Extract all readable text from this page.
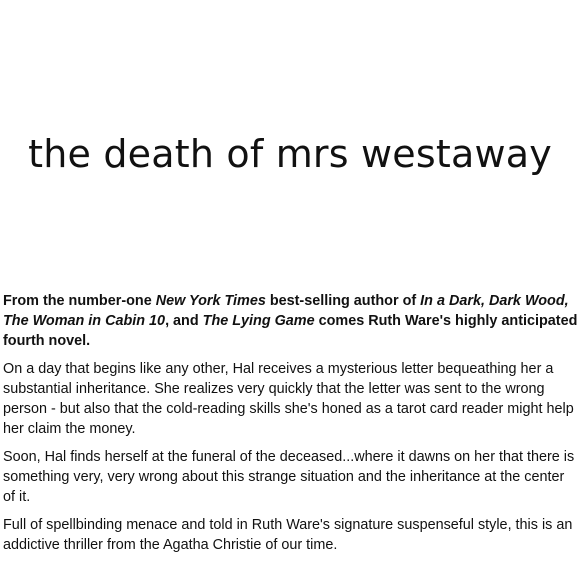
the death of mrs westaway

From the number-one New York Times best-selling author of In a Dark, Dark Wood, The Woman in Cabin 10, and The Lying Game comes Ruth Ware's highly anticipated fourth novel.

On a day that begins like any other, Hal receives a mysterious letter bequeathing her a substantial inheritance. She realizes very quickly that the letter was sent to the wrong person - but also that the cold-reading skills she's honed as a tarot card reader might help her claim the money.

Soon, Hal finds herself at the funeral of the deceased...where it dawns on her that there is something very, very wrong about this strange situation and the inheritance at the center of it.

Full of spellbinding menace and told in Ruth Ware's signature suspenseful style, this is an addictive thriller from the Agatha Christie of our time.
